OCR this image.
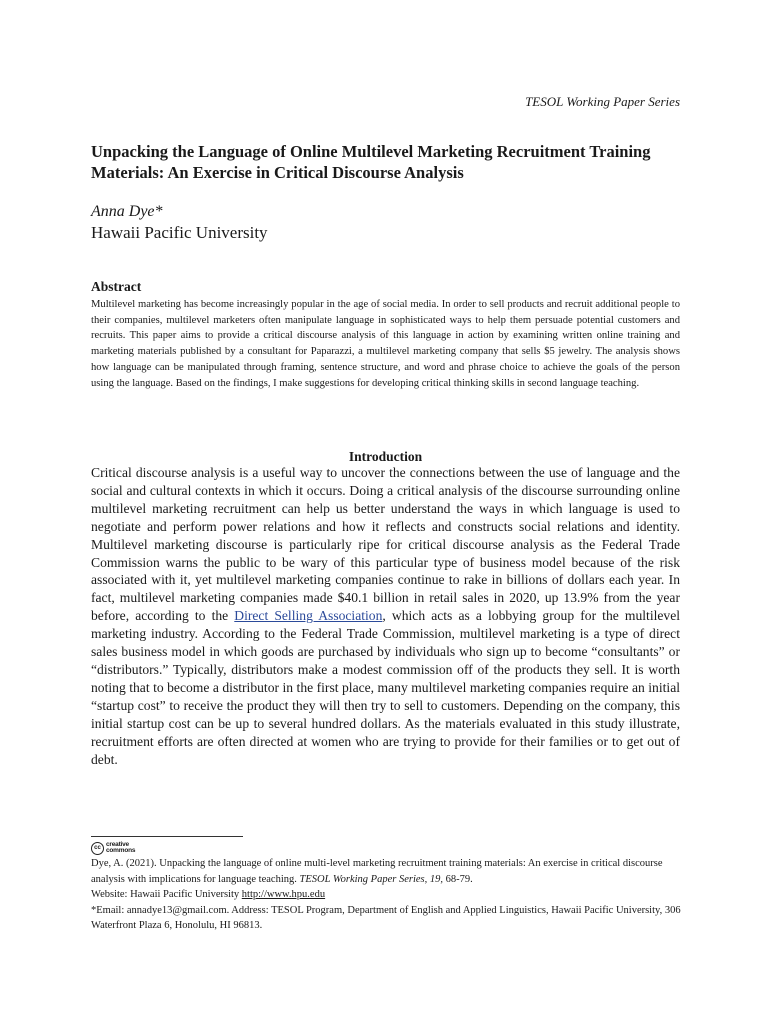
TESOL Working Paper Series
Unpacking the Language of Online Multilevel Marketing Recruitment Training Materials: An Exercise in Critical Discourse Analysis
Anna Dye*
Hawaii Pacific University
Abstract

Multilevel marketing has become increasingly popular in the age of social media. In order to sell products and recruit additional people to their companies, multilevel marketers often manipulate language in sophisticated ways to help them persuade potential customers and recruits. This paper aims to provide a critical discourse analysis of this language in action by examining written online training and marketing materials published by a consultant for Paparazzi, a multilevel marketing company that sells $5 jewelry. The analysis shows how language can be manipulated through framing, sentence structure, and word and phrase choice to achieve the goals of the person using the language. Based on the findings, I make suggestions for developing critical thinking skills in second language teaching.

Introduction

Critical discourse analysis is a useful way to uncover the connections between the use of language and the social and cultural contexts in which it occurs. Doing a critical analysis of the discourse surrounding online multilevel marketing recruitment can help us better understand the ways in which language is used to negotiate and perform power relations and how it reflects and constructs social relations and identity. Multilevel marketing discourse is particularly ripe for critical discourse analysis as the Federal Trade Commission warns the public to be wary of this particular type of business model because of the risk associated with it, yet multilevel marketing companies continue to rake in billions of dollars each year. In fact, multilevel marketing companies made $40.1 billion in retail sales in 2020, up 13.9% from the year before, according to the Direct Selling Association, which acts as a lobbying group for the multilevel marketing industry. According to the Federal Trade Commission, multilevel marketing is a type of direct sales business model in which goods are purchased by individuals who sign up to become “consultants” or “distributors.” Typically, distributors make a modest commission off of the products they sell. It is worth noting that to become a distributor in the first place, many multilevel marketing companies require an initial “startup cost” to receive the product they will then try to sell to customers. Depending on the company, this initial startup cost can be up to several hundred dollars. As the materials evaluated in this study illustrate, recruitment efforts are often directed at women who are trying to provide for their families or to get out of debt.

cc creative
commons

Dye, A. (2021). Unpacking the language of online multi-level marketing recruitment training materials: An exercise in critical discourse analysis with implications for language teaching. TESOL Working Paper Series, 19, 68-79.

Website: Hawaii Pacific University http://www.hpu.edu

*Email: annadye13@gmail.com. Address: TESOL Program, Department of English and Applied Linguistics, Hawaii Pacific University, 306 Waterfront Plaza 6, Honolulu, HI 96813.
